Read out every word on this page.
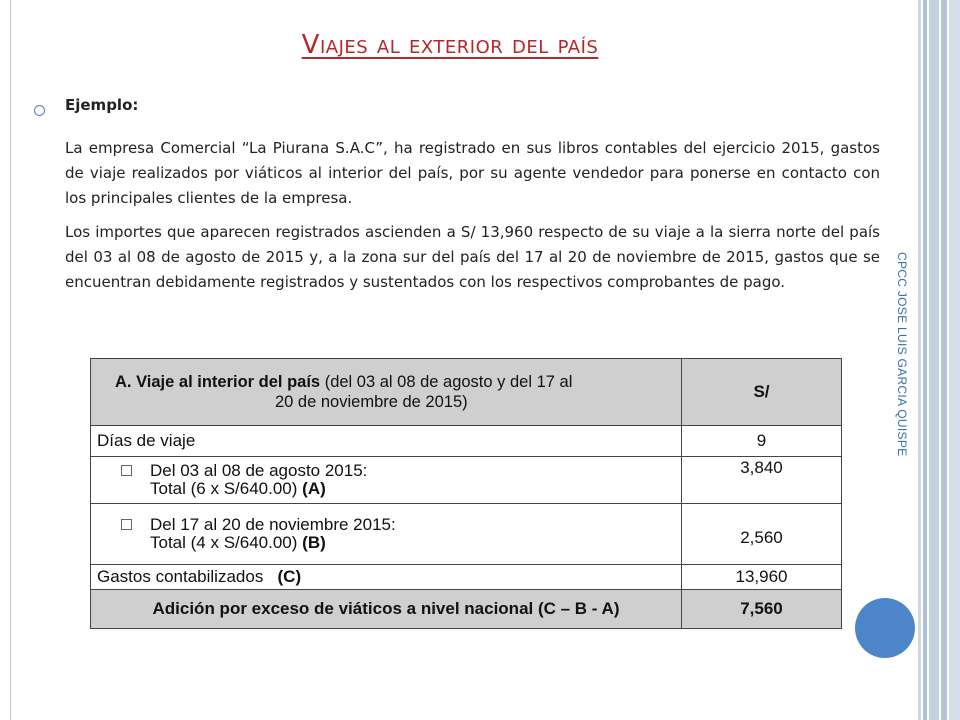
Viajes al exterior del país
Ejemplo:
La empresa Comercial “La Piurana S.A.C”, ha registrado en sus libros contables del ejercicio 2015, gastos de viaje realizados por viáticos al interior del país, por su agente vendedor para ponerse en contacto con los principales clientes de la empresa.
Los importes que aparecen registrados ascienden a S/ 13,960 respecto de su viaje a la sierra norte del país del 03 al 08 de agosto de 2015 y, a la zona sur del país del 17 al 20 de noviembre de 2015, gastos que se encuentran debidamente registrados y sustentados con los respectivos comprobantes de pago.	CPCC JOSE LUIS GARCIA QUISPE
A. Viaje al interior del país (del 03 al 08 de agosto y del 17 al
20 de noviembre de 2015)	S/
Días de viaje	9
Del 03 al 08 de agosto 2015:
Total (6 x S/640.00) (A)	3,840
Del 17 al 20 de noviembre 2015:
Total (4 x S/640.00) (B)	2,560
Gastos contabilizados (C)	13,960
Adición por exceso de viáticos a nivel nacional (C – B - A)	7,560
